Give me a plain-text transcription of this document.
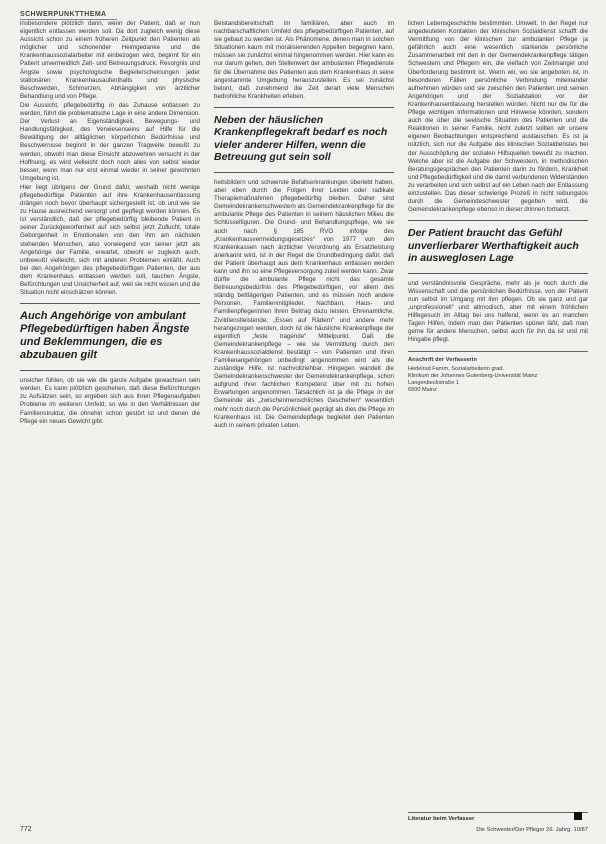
SCHWERPUNKTTHEMA

insbesondere plötzlich dann, wenn der Patient, daß er nun eigentlich entlassen werden soll. Da dort zugleich wenig diese Aussicht schon zu einem früheren Zeitpunkt den Patienten als möglicher und schonender Heimgedanke und die Krankenhaussozialarbeiter mit einbezogen wird, beginnt für ein Patient unvermeidlich Zeit- und Betreuungsdruck. Resorgnis und Ängste sowie psychologische Begleiterscheinungen jeder stationären Krankenhausaufenthalts und physische Beschwerden, Schmerzen, Abhängigkeit von ärztlicher Behandlung und von Pflege.

Die Aussicht, pflegebedürftig in das Zuhause entlassen zu werden, führt die problematische Lage in eine andere Dimension. Der Verlust an Eigenständigkeit, Bewegungs- und Handlungsfähigkeit, des Verwiesenseins auf Hilfe für die Bewältigung der alltäglichen körperlichen Bedürfnisse und Beschwernisse beginnt in der ganzen Tragweite bewußt zu werden, obwohl man diese Einsicht abzuwehren versucht in der Hoffnung, es wird vielleicht doch noch alles von selbst wieder besser, wenn man nur erst einmal wieder in seiner gewohnten Umgebung ist.

Hier liegt übrigens der Grund dafür, weshalb nicht wenige pflegebedürftige Patienten auf ihre Krankenhausentlassung drängen noch bevor überhaupt sichergestellt ist, ob und wie sie zu Hause ausreichend versorgt und gepflegt werden können. Es ist verständlich, daß der pflegebedürftig bleibende Patient in seiner Zurückgeworfenheit auf sich selbst jetzt Zuflucht, totale Geborgenheit in Emotionalen von den ihm am nächsten stehenden Menschen, also vorwiegend von seiner jetzt als Angehörige der Familie, erwartet, obwohl er zugleich auch, unbewußt vielleicht, sich mit anderen Problemen einläßt. Auch bei den Angehörigen des pflegebedürftigen Patienten, der aus dem Krankenhaus entlassen werden soll, tauchen Ängste, Befürchtungen und Unsicherheit auf, weil sie nicht wissen und die Situation nicht einschätzen können.

Auch Angehörige von ambulant Pflegebedürftigen haben Ängste und Beklemmungen, die es abzubauen gilt

unsicher fühlen, ob sie wie die ganze Aufgabe gewachsen sein werden. Es kann plötzlich geschehen, daß diese Befürchtungen zu Aufsätzen sein, so ergeben sich aus ihren Pflegenaufgaben Probleme im weiteren Umfeld, so wie in den Verhältnissen der Familienstruktur, die ohnehin schon gestört ist und denen die Pflege ein neues Gewicht gibt.

Beistandsbereitschaft im familiären, aber auch im nachbarschaftlichen Umfeld des pflegebedürftigen Patienten, auf sie gebaut zu werden ist. Als Phänomene, denen man in solchen Situationen kaum mit moralisierenden Appellen begegnen kann, müssen sie zunächst einmal hingenommen werden. Hier kann es nur darum gehen, den Stellenwert der ambulanten Pflegedienste für die Übernahme des Patienten aus dem Krankenhaus in seine angestammte Umgebung herauszustellen. Es sei zunächst betont, daß zunehmend die Zeit derart viele Menschen bedrohliche Krankheiten erleben.

Neben der häuslichen Krankenpflegekraft bedarf es noch vieler anderer Hilfen, wenn die Betreuung gut sein soll

heitsbildern und schwerste Befallserkrankungen überlebt haben, aber eben durch die Folgen ihrer Leiden oder radikale Therapiemaßnahmen pflegebedürftig bleiben. Daher sind Gemeindekrankenschwestern als Gemeindekrankenpflege für die ambulante Pflege des Patienten in seinem häuslichen Milieu die Schlüsselfiguren. Die Grund- und Behandlungspflege, wie sie auch nach § 185 RVO infolge des „Krankenhausvermeidungsgesetzes“ von 1977 von den Krankenkassen nach ärztlicher Verordnung als Ersatzleistung anerkannt wird, ist in der Regel die Grundbedingung dafür, daß der Patient überhaupt aus dem Krankenhaus entlassen werden kann und ihn so eine Pflegeversorgung zuteil werden kann. Zwar dürfte die ambulante Pflege nicht das gesamte Betreuungsbedürfnis des Pflegebedürftigen, vor allem des ständig bettlägerigen Patienten, und es müssen noch andere Personen, Familienmitglieder, Nachbarn, Haus- und Familienpflegerinnen ihren Beitrag dazu leisten. Ehrenamtliche, Zivildienstleistende, „Essen auf Rädern“ und andere mehr herangezogen werden, doch ist die häusliche Krankenpflege der eigentlich „feste tragende“ Mittelpunkt. Daß die Gemeindekrankenpflege – wie sie Vermittlung durch den Krankenhaussozialdienst bestätigt – von Patienten und ihren Familienangehörigen unbedingt angenommen wird als die zuständige Hilfe, ist nachvollziehbar. Hingegen wandelt die Gemeindekrankenschwester der Gemeindekrankenpflege, schon aufgrund ihrer fachlichen Kompetenz über mit zu hohen Erwartungen angenommen. Tatsächlich ist ja die Pflege in der Gemeinde als „zwischenmenschliches Geschehen“ wesentlich mehr noch durch die Persönlichkeit geprägt als dies die Pflege im Krankenhaus ist. Die Gemeindepflege begleitet den Patienten auch in seinem privaten Leben.

lichen Lebensgeschichte bestimmten. Umwelt. In der Regel nur angedeuteten Kontakten der klinischen Sozialdienst schafft die Vermittlung von der klinischen zur ambulanten Pflege ja gefährlich auch eine wesentlich stärkende persönliche Zusammenarbeit mit den in der Gemeindekrankenpflege tätigen Schwestern und Pflegern ein, die vielfach von Zeitmangel und Überforderung bestimmt ist. Wenn wir, wo sie angeboten ist, in besonderen Fällen persönliche Verbindung miteinander aufnehmen würden und sie zwischen den Patienten und seinen Angehörigen und der Sozialstation vor der Krankenhausentlassung herstellen würden. Nicht nur die für die Pflege wichtigen Informationen und Hinweise könnten, sondern auch die über die seelische Situation des Patienten und die Reaktionen in seiner Familie, nicht zuletzt sollten wir unsere eigenen Beobachtungen entsprechend austauschen. Es ist ja nützlich, sich nur die Aufgabe des klinischen Sozialdienstes bei der Ausschöpfung der sozialen Hilfsquellen bewußt zu machen. Welche aber ist die Aufgabe der Schwestern, in methodischen Beratungsgesprächen den Patienten darin zu fördern, Krankheit und Pflegebedürftigkeit und die damit verbundenen Widerständen zu verarbeiten und sich selbst auf ein Leben nach der Entlassung einzustellen. Das dieser schwierige Prozeß in nicht reibungslos durch die Gemeindeschwester gegeben wird, die Gemeindekrankenpflege ebenso in dieser drinnen fortsetzt.

Der Patient braucht das Gefühl unverlierbarer Werthaftigkeit auch in ausweglosen Lage

und verständnisvolle Gespräche, mehr als je noch durch die Wissenschaft und die persönlichen Bedürfnisse, von der Patient nun selbst im Umgang mit ihm pflegen. Ob sie ganz und gar „unprofessionell“ und altmodisch, aber mit einem fröhlichen Hilfegesuch im Alltag bei uns helfend, wenn es an manchen Tagen Hilfen, indem man den Patienten spüren läßt, daß man gerne für andere Menschen, selbst auch für ihn da ist und mit Hingabe pflegt.

Anschrift der Verfasserin
Hedelrud Famm, Sozialarbeiterin grad.
Klinikum der Johannes Gutenberg-Universität Mainz
Langenbeckstraße 1
6500 Mainz
Literatur beim Verfasser
772	Die Schwester/Der Pfleger 26. Jahrg. 10/87
